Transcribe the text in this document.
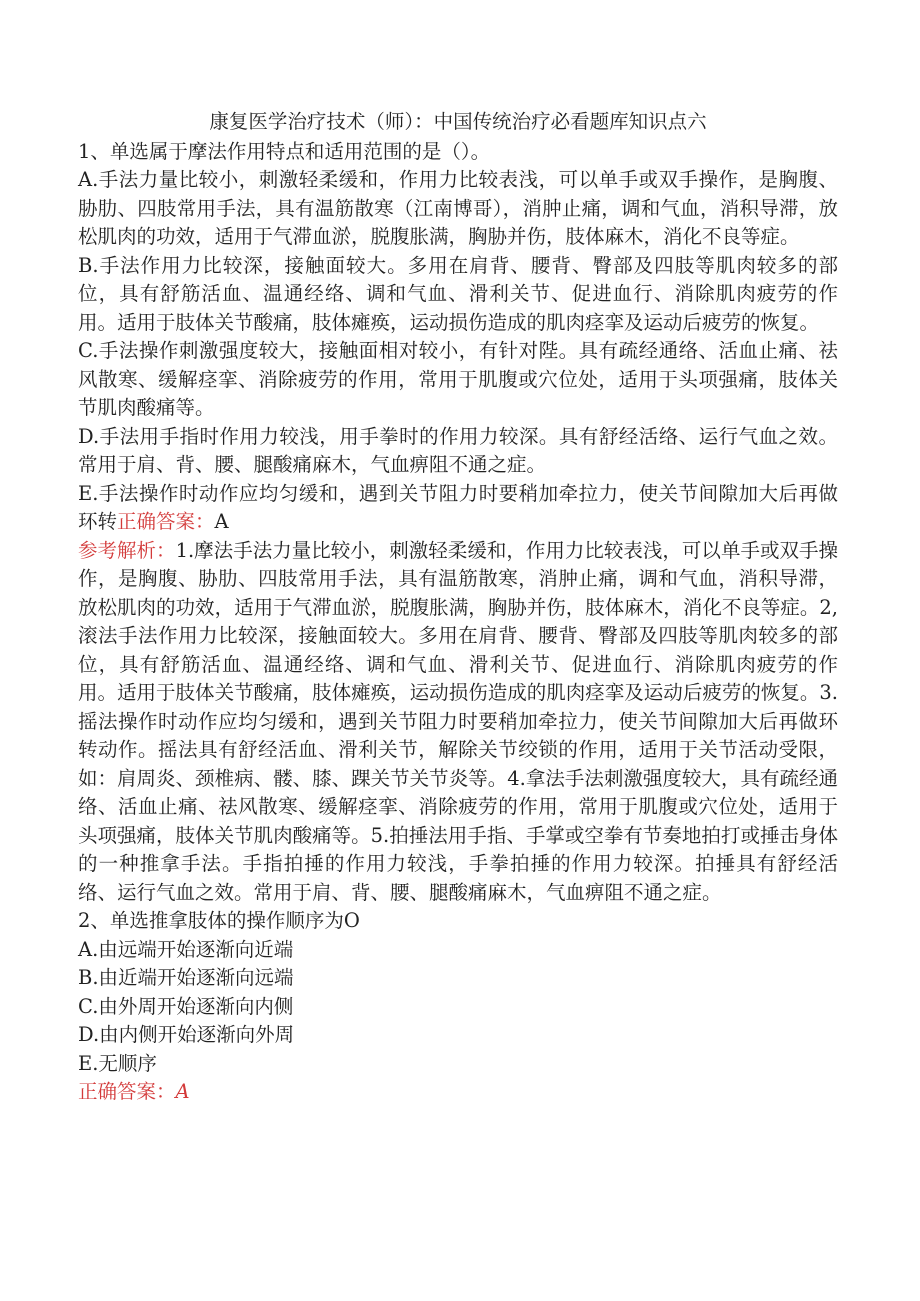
康复医学治疗技术（师）：中国传统治疗必看题库知识点六

1、单选属于摩法作用特点和适用范围的是（）。

A.手法力量比较小，刺激轻柔缓和，作用力比较表浅，可以单手或双手操作，是胸腹、胁肋、四肢常用手法，具有温筋散寒（江南博哥），消肿止痛，调和气血，消积导滞，放松肌肉的功效，适用于气滞血淤，脱腹胀满，胸胁并伤，肢体麻木，消化不良等症。

B.手法作用力比较深，接触面较大。多用在肩背、腰背、臀部及四肢等肌肉较多的部位，具有舒筋活血、温通经络、调和气血、滑利关节、促进血行、消除肌肉疲劳的作用。适用于肢体关节酸痛，肢体瘫痪，运动损伤造成的肌肉痉挛及运动后疲劳的恢复。

C.手法操作刺激强度较大，接触面相对较小，有针对陛。具有疏经通络、活血止痛、祛风散寒、缓解痉挛、消除疲劳的作用，常用于肌腹或穴位处，适用于头项强痛，肢体关节肌肉酸痛等。

D.手法用手指时作用力较浅，用手拳时的作用力较深。具有舒经活络、运行气血之效。常用于肩、背、腰、腿酸痛麻木，气血痹阻不通之症。

E.手法操作时动作应均匀缓和，遇到关节阻力时要稍加牵拉力，使关节间隙加大后再做环转正确答案：A

参考解析：1.摩法手法力量比较小，刺激轻柔缓和，作用力比较表浅，可以单手或双手操作，是胸腹、胁肋、四肢常用手法，具有温筋散寒，消肿止痛，调和气血，消积导滞，放松肌肉的功效，适用于气滞血淤，脱腹胀满，胸胁并伤，肢体麻木，消化不良等症。2,滚法手法作用力比较深，接触面较大。多用在肩背、腰背、臀部及四肢等肌肉较多的部位，具有舒筋活血、温通经络、调和气血、滑利关节、促进血行、消除肌肉疲劳的作用。适用于肢体关节酸痛，肢体瘫痪，运动损伤造成的肌肉痉挛及运动后疲劳的恢复。3.摇法操作时动作应均匀缓和，遇到关节阻力时要稍加牵拉力，使关节间隙加大后再做环转动作。摇法具有舒经活血、滑利关节，解除关节绞锁的作用，适用于关节活动受限，如：肩周炎、颈椎病、髅、膝、踝关节关节炎等。4.拿法手法刺激强度较大，具有疏经通络、活血止痛、祛风散寒、缓解痉挛、消除疲劳的作用，常用于肌腹或穴位处，适用于头项强痛，肢体关节肌肉酸痛等。5.拍捶法用手指、手掌或空拳有节奏地拍打或捶击身体的一种推拿手法。手指拍捶的作用力较浅，手拳拍捶的作用力较深。拍捶具有舒经活络、运行气血之效。常用于肩、背、腰、腿酸痛麻木，气血痹阻不通之症。

2、单选推拿肢体的操作顺序为O

A.由远端开始逐渐向近端

B.由近端开始逐渐向远端

C.由外周开始逐渐向内侧

D.由内侧开始逐渐向外周

E.无顺序

正确答案：A
